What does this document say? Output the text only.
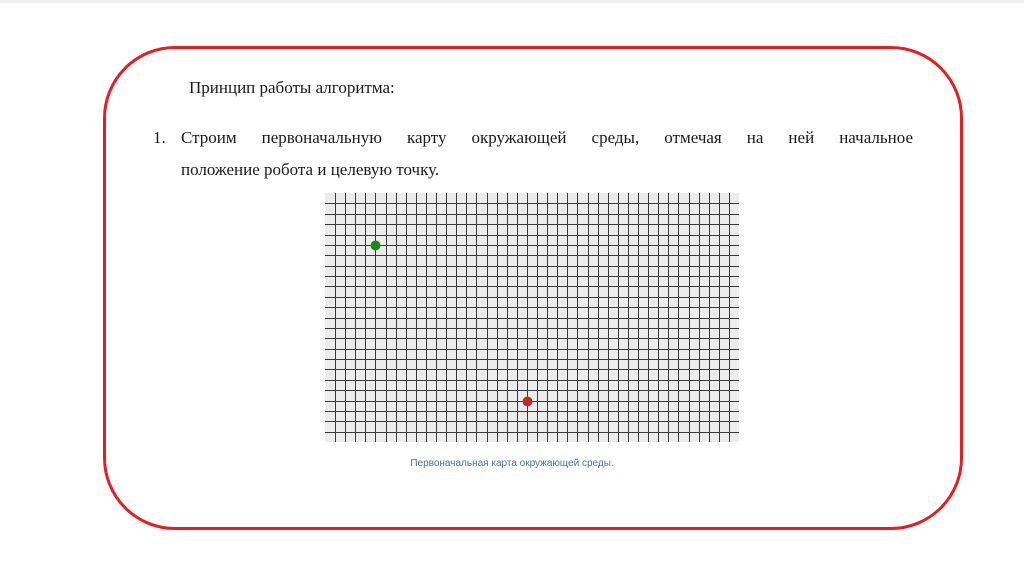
Принцип работы алгоритма:
1. Строим первоначальную карту окружающей среды, отмечая на ней начальное
положение робота и целевую точку.
Первоначальная карта окружающей среды.
